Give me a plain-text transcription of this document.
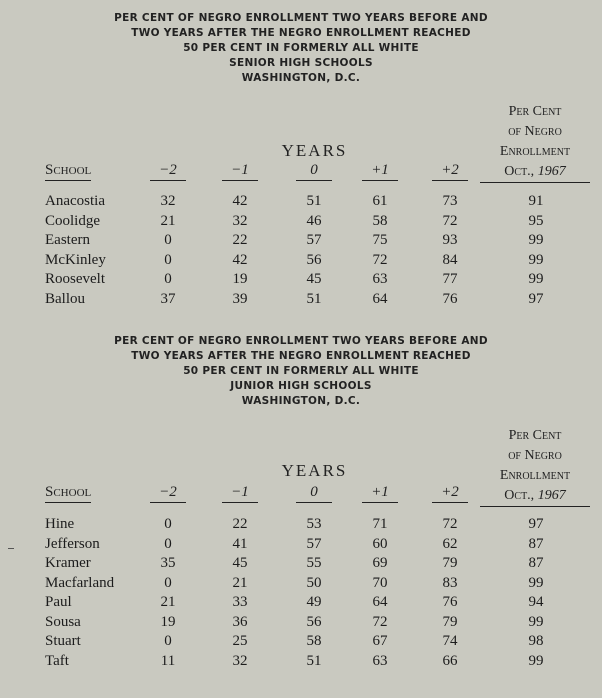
PER CENT OF NEGRO ENROLLMENT TWO YEARS BEFORE AND
TWO YEARS AFTER THE NEGRO ENROLLMENT REACHED
50 PER CENT IN FORMERLY ALL WHITE
SENIOR HIGH SCHOOLS
WASHINGTON, D.C.
Per Cent
of Negro
Enrollment
Oct., 1967
YEARS
School	−2	−1	0	+1	+2
Anacostia	32	42	51	61	73	91
Coolidge	21	32	46	58	72	95
Eastern	0	22	57	75	93	99
McKinley	0	42	56	72	84	99
Roosevelt	0	19	45	63	77	99
Ballou	37	39	51	64	76	97
PER CENT OF NEGRO ENROLLMENT TWO YEARS BEFORE AND
TWO YEARS AFTER THE NEGRO ENROLLMENT REACHED
50 PER CENT IN FORMERLY ALL WHITE
JUNIOR HIGH SCHOOLS
WASHINGTON, D.C.
Per Cent
of Negro
Enrollment
Oct., 1967
YEARS
School	−2	−1	0	+1	+2
Hine	0	22	53	71	72	97
Jefferson	0	41	57	60	62	87
Kramer	35	45	55	69	79	87
Macfarland	0	21	50	70	83	99
Paul	21	33	49	64	76	94
Sousa	19	36	56	72	79	99
Stuart	0	25	58	67	74	98
Taft	11	32	51	63	66	99
